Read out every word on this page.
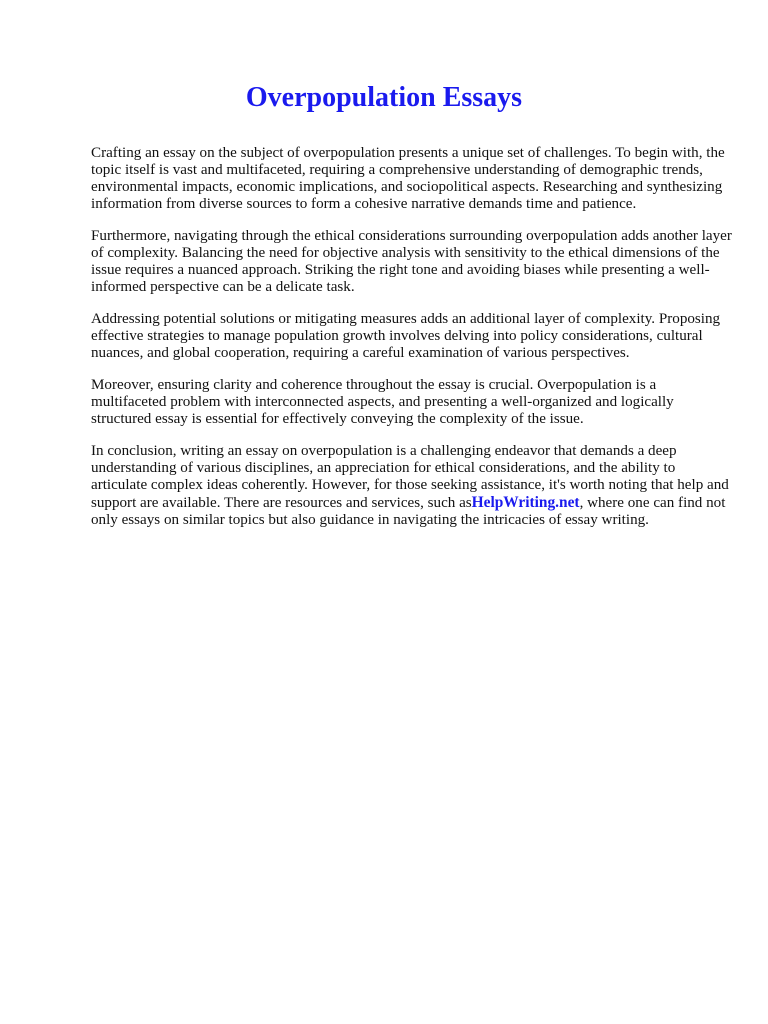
Overpopulation Essays

Crafting an essay on the subject of overpopulation presents a unique set of challenges. To begin with, the topic itself is vast and multifaceted, requiring a comprehensive understanding of demographic trends, environmental impacts, economic implications, and sociopolitical aspects. Researching and synthesizing information from diverse sources to form a cohesive narrative demands time and patience.

Furthermore, navigating through the ethical considerations surrounding overpopulation adds another layer of complexity. Balancing the need for objective analysis with sensitivity to the ethical dimensions of the issue requires a nuanced approach. Striking the right tone and avoiding biases while presenting a well-informed perspective can be a delicate task.

Addressing potential solutions or mitigating measures adds an additional layer of complexity. Proposing effective strategies to manage population growth involves delving into policy considerations, cultural nuances, and global cooperation, requiring a careful examination of various perspectives.

Moreover, ensuring clarity and coherence throughout the essay is crucial. Overpopulation is a multifaceted problem with interconnected aspects, and presenting a well-organized and logically structured essay is essential for effectively conveying the complexity of the issue.

In conclusion, writing an essay on overpopulation is a challenging endeavor that demands a deep understanding of various disciplines, an appreciation for ethical considerations, and the ability to articulate complex ideas coherently. However, for those seeking assistance, it's worth noting that help and support are available. There are resources and services, such asHelpWriting.net, where one can find not only essays on similar topics but also guidance in navigating the intricacies of essay writing.
